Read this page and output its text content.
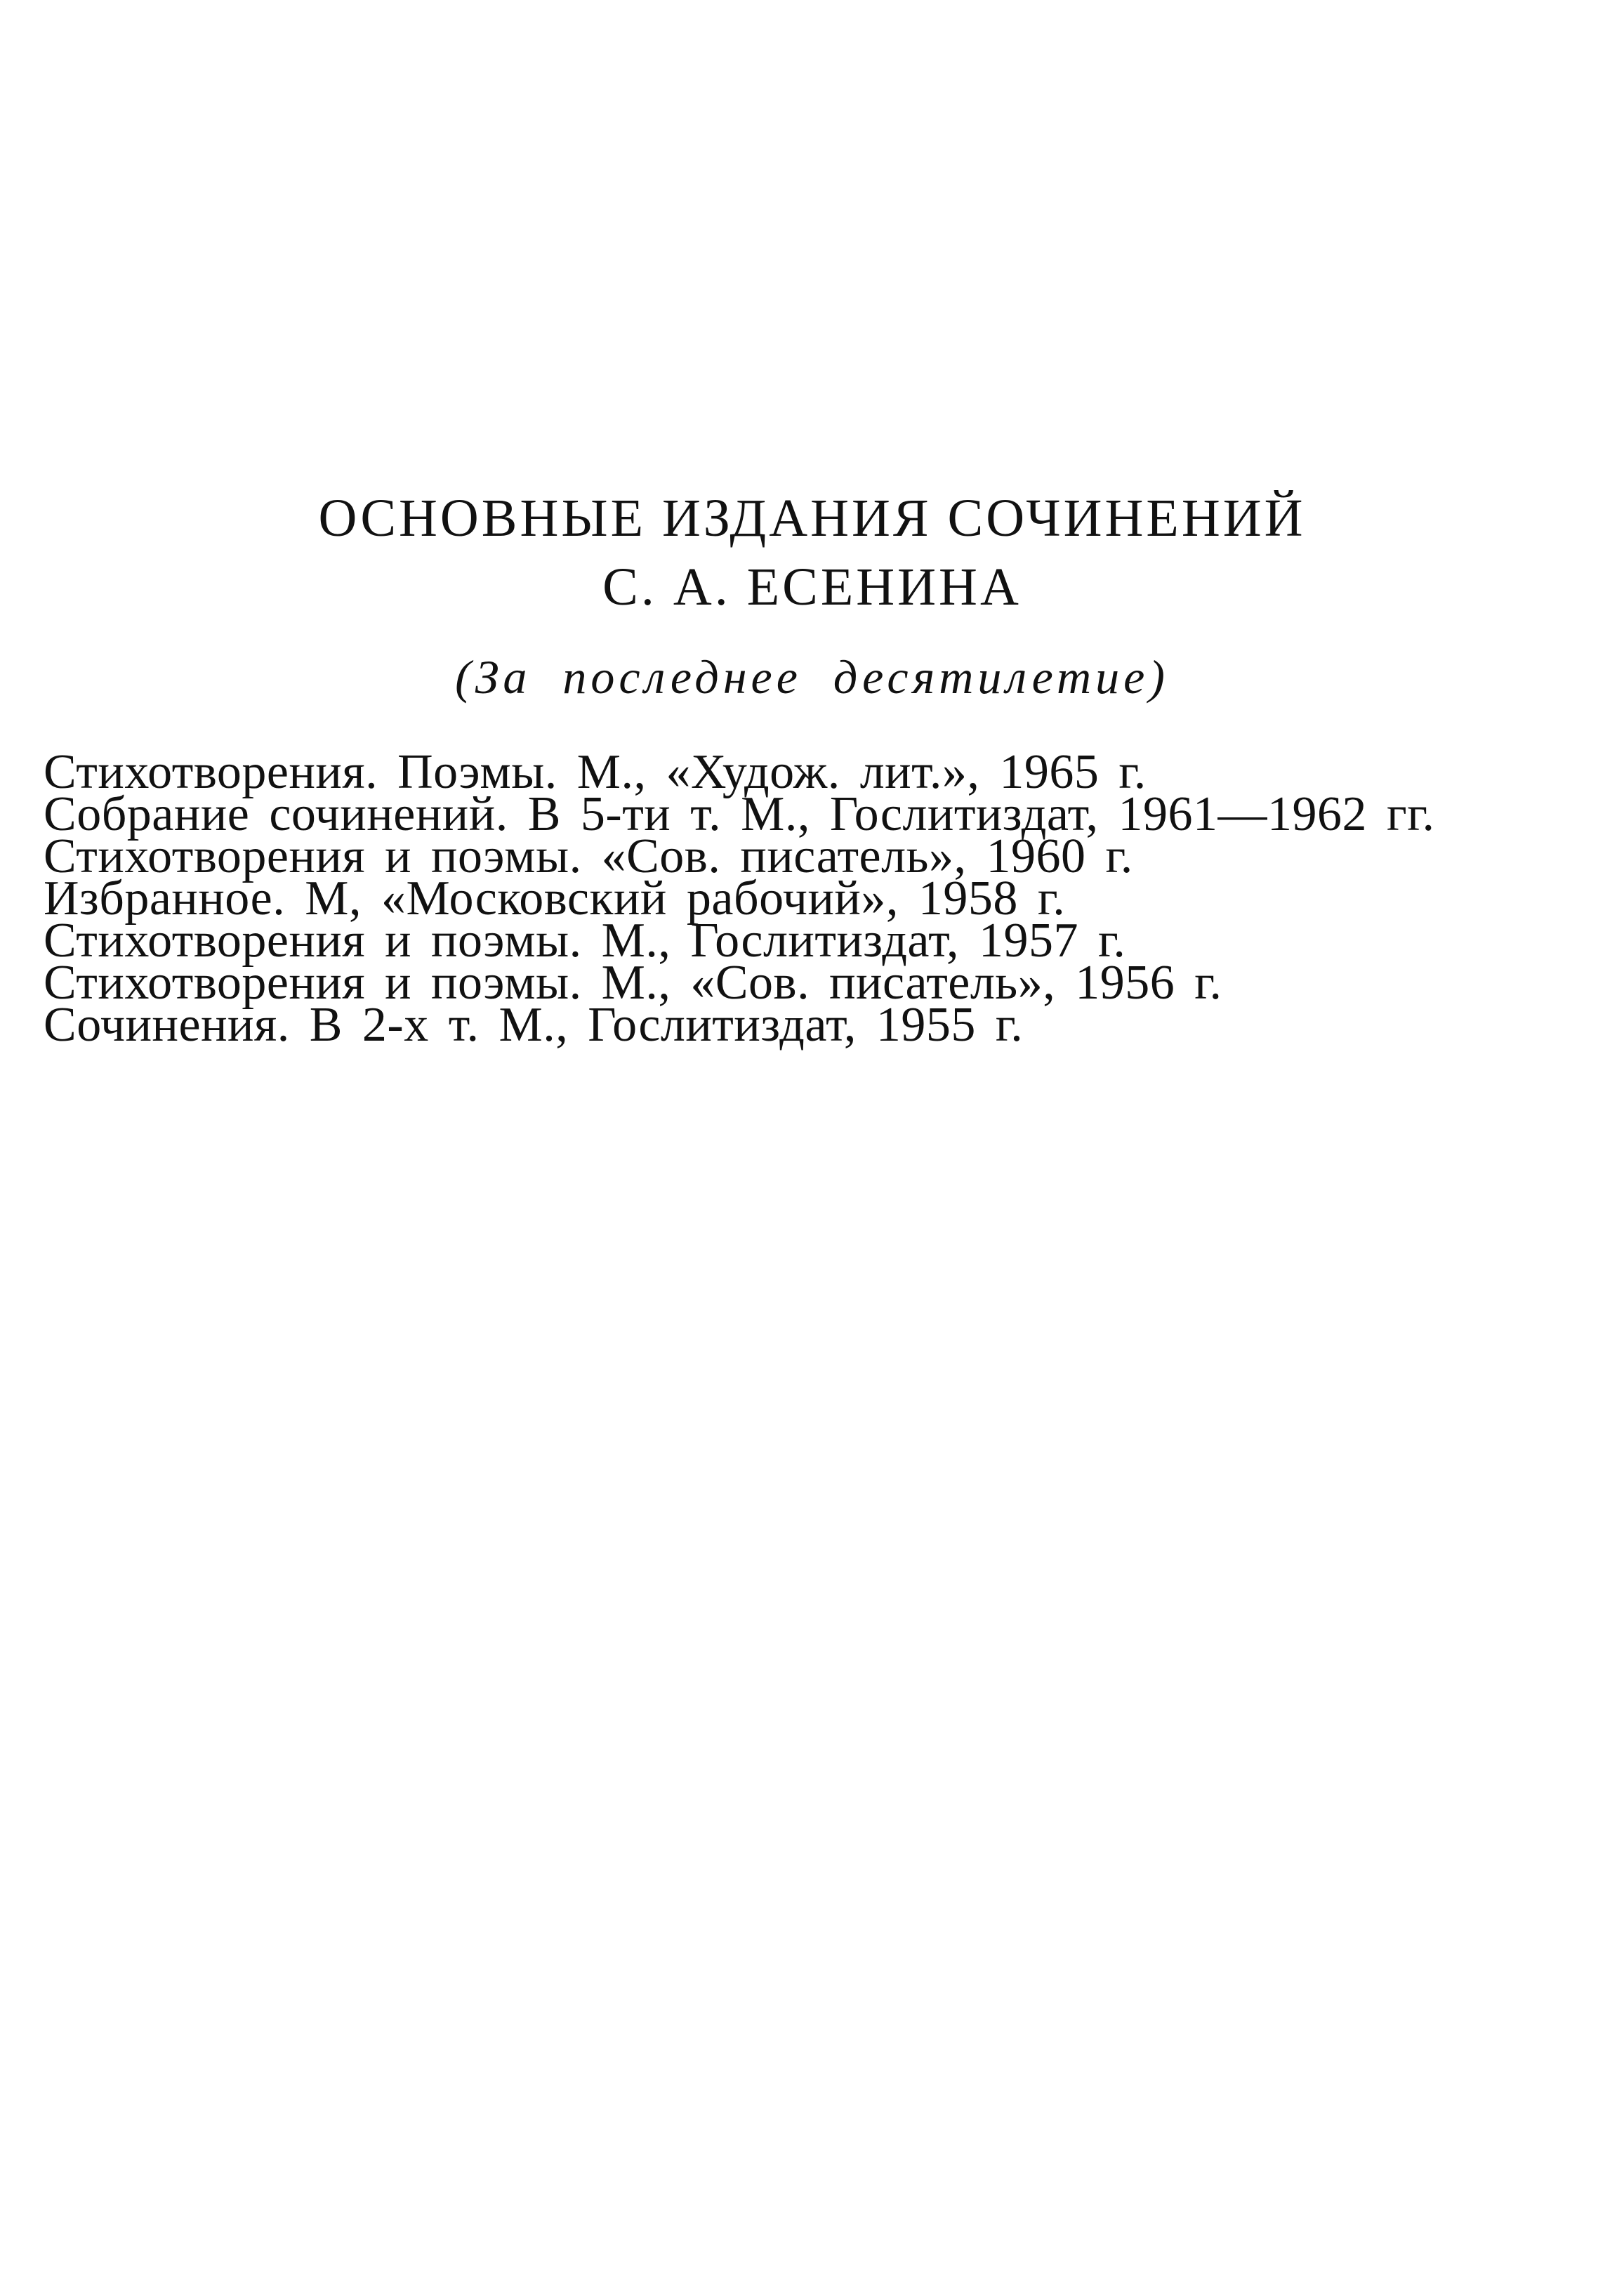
ОСНОВНЫЕ ИЗДАНИЯ СОЧИНЕНИЙ
С. А. ЕСЕНИНА
(За последнее десятилетие)
Стихотворения. Поэмы. М., «Худож. лит.», 1965 г.
Собрание сочинений. В 5-ти т. М., Гослитиздат, 1961—1962 гг.
Стихотворения и поэмы. «Сов. писатель», 1960 г.
Избранное. М, «Московский рабочий», 1958 г.
Стихотворения и поэмы. М., Гослитиздат, 1957 г.
Стихотворения и поэмы. М., «Сов. писатель», 1956 г.
Сочинения. В 2-х т. М., Гослитиздат, 1955 г.
